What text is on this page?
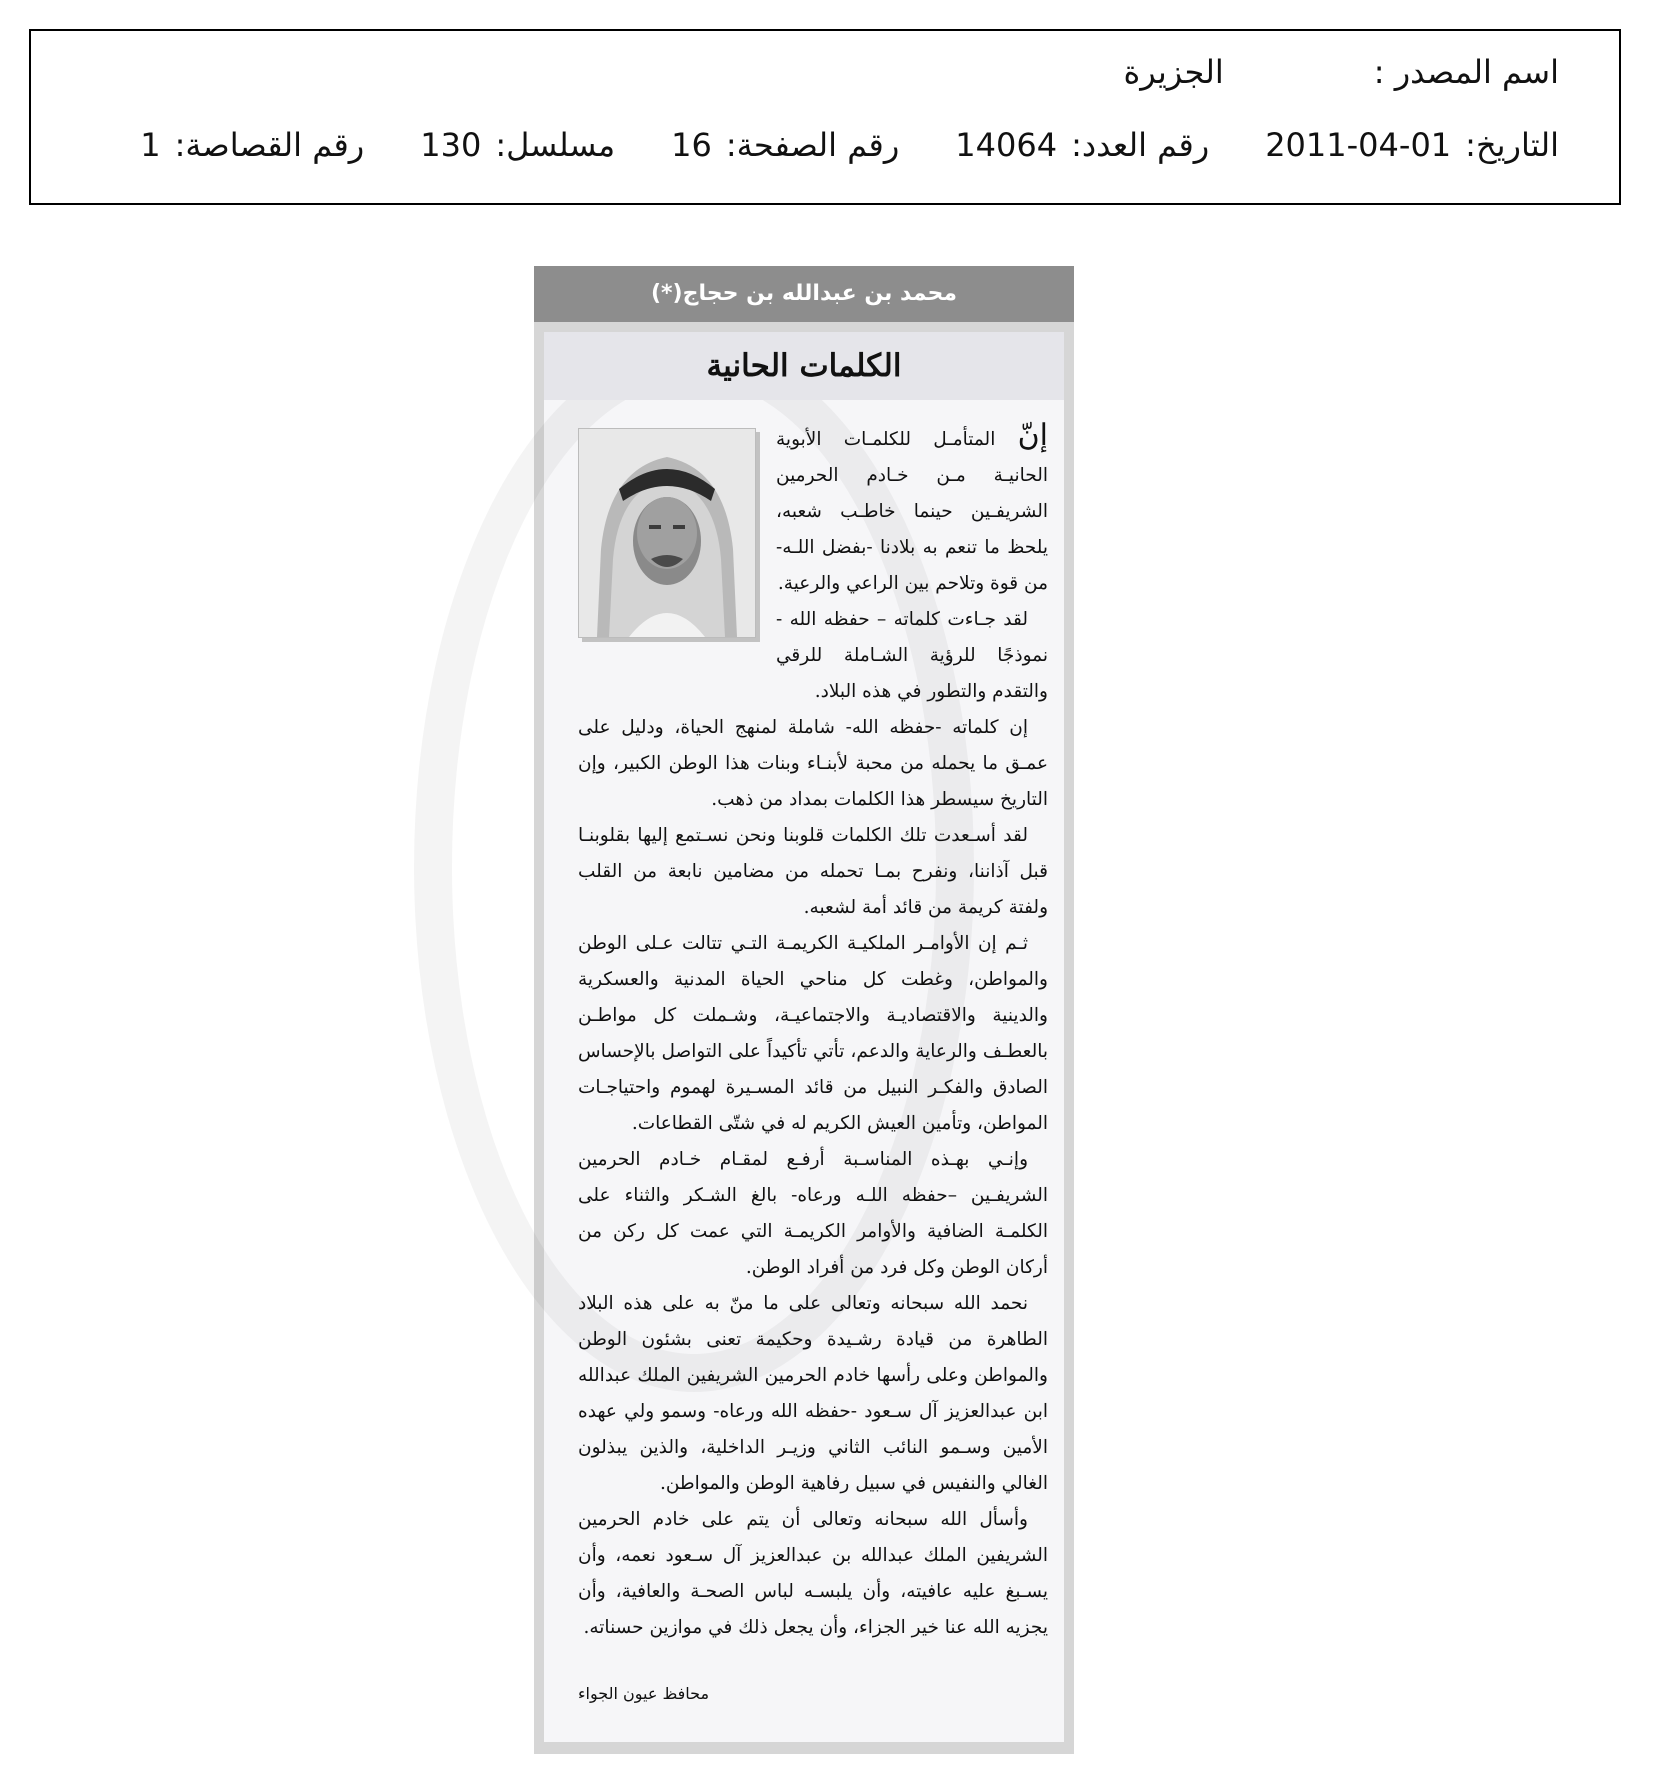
اسم المصدر :
الجزيرة
التاريخ:
2011-04-01
رقم العدد:
14064
رقم الصفحة:
16
مسلسل:
130
رقم القصاصة:
1
محمد بن عبدالله بن حجاج(*)
الكلمات الحانية

إنّ المتأمـل للكلمـات الأبوية الحانيـة مـن خـادم الحرمين الشريفـين حينما خاطـب شعبه، يلحظ ما تنعم به بلادنا -بفضل اللـه- من قوة وتلاحم بين الراعي والرعية.

لقد جـاءت كلماته – حفظه الله - نموذجًا للرؤية الشـاملة للرقي والتقدم والتطور في هذه البلاد.

إن كلماته -حفظه الله- شاملة لمنهج الحياة، ودليل على عمـق ما يحمله من محبة لأبنـاء وبنات هذا الوطن الكبير، وإن التاريخ سيسطر هذا الكلمات بمداد من ذهب.

لقد أسـعدت تلك الكلمات قلوبنا ونحن نسـتمع إليها بقلوبنـا قبل آذاننا، ونفرح بمـا تحمله من مضامين نابعة من القلب ولفتة كريمة من قائد أمة لشعبه.

ثـم إن الأوامـر الملكيـة الكريمـة التـي تتالت عـلى الوطن والمواطن، وغطت كل مناحي الحياة المدنية والعسكرية والدينية والاقتصاديـة والاجتماعيـة، وشـملت كل مواطـن بالعطـف والرعاية والدعم، تأتي تأكيداً على التواصل بالإحساس الصادق والفكـر النبيل من قائد المسـيرة لهموم واحتياجـات المواطن، وتأمين العيش الكريم له في شتّى القطاعات.

وإنـي بهـذه المناسـبة أرفـع لمقـام خـادم الحرمين الشريفـين –حفظه اللـه ورعاه- بالغ الشـكر والثناء على الكلمـة الضافية والأوامر الكريمـة التي عمت كل ركن من أركان الوطن وكل فرد من أفراد الوطن.

نحمد الله سبحانه وتعالى على ما منّ به على هذه البلاد الطاهرة من قيادة رشـيدة وحكيمة تعنى بشئون الوطن والمواطن وعلى رأسها خادم الحرمين الشريفين الملك عبدالله ابن عبدالعزيز آل سـعود -حفظه الله ورعاه- وسمو ولي عهده الأمين وسـمو النائب الثاني وزيـر الداخلية، والذين يبذلون الغالي والنفيس في سبيل رفاهية الوطن والمواطن.

وأسأل الله سبحانه وتعالى أن يتم على خادم الحرمين الشريفين الملك عبدالله بن عبدالعزيز آل سـعود نعمه، وأن يسـبغ عليه عافيته، وأن يلبسـه لباس الصحـة والعافية، وأن يجزيه الله عنا خير الجزاء، وأن يجعل ذلك في موازين حسناته.

محافظ عيون الجواء
